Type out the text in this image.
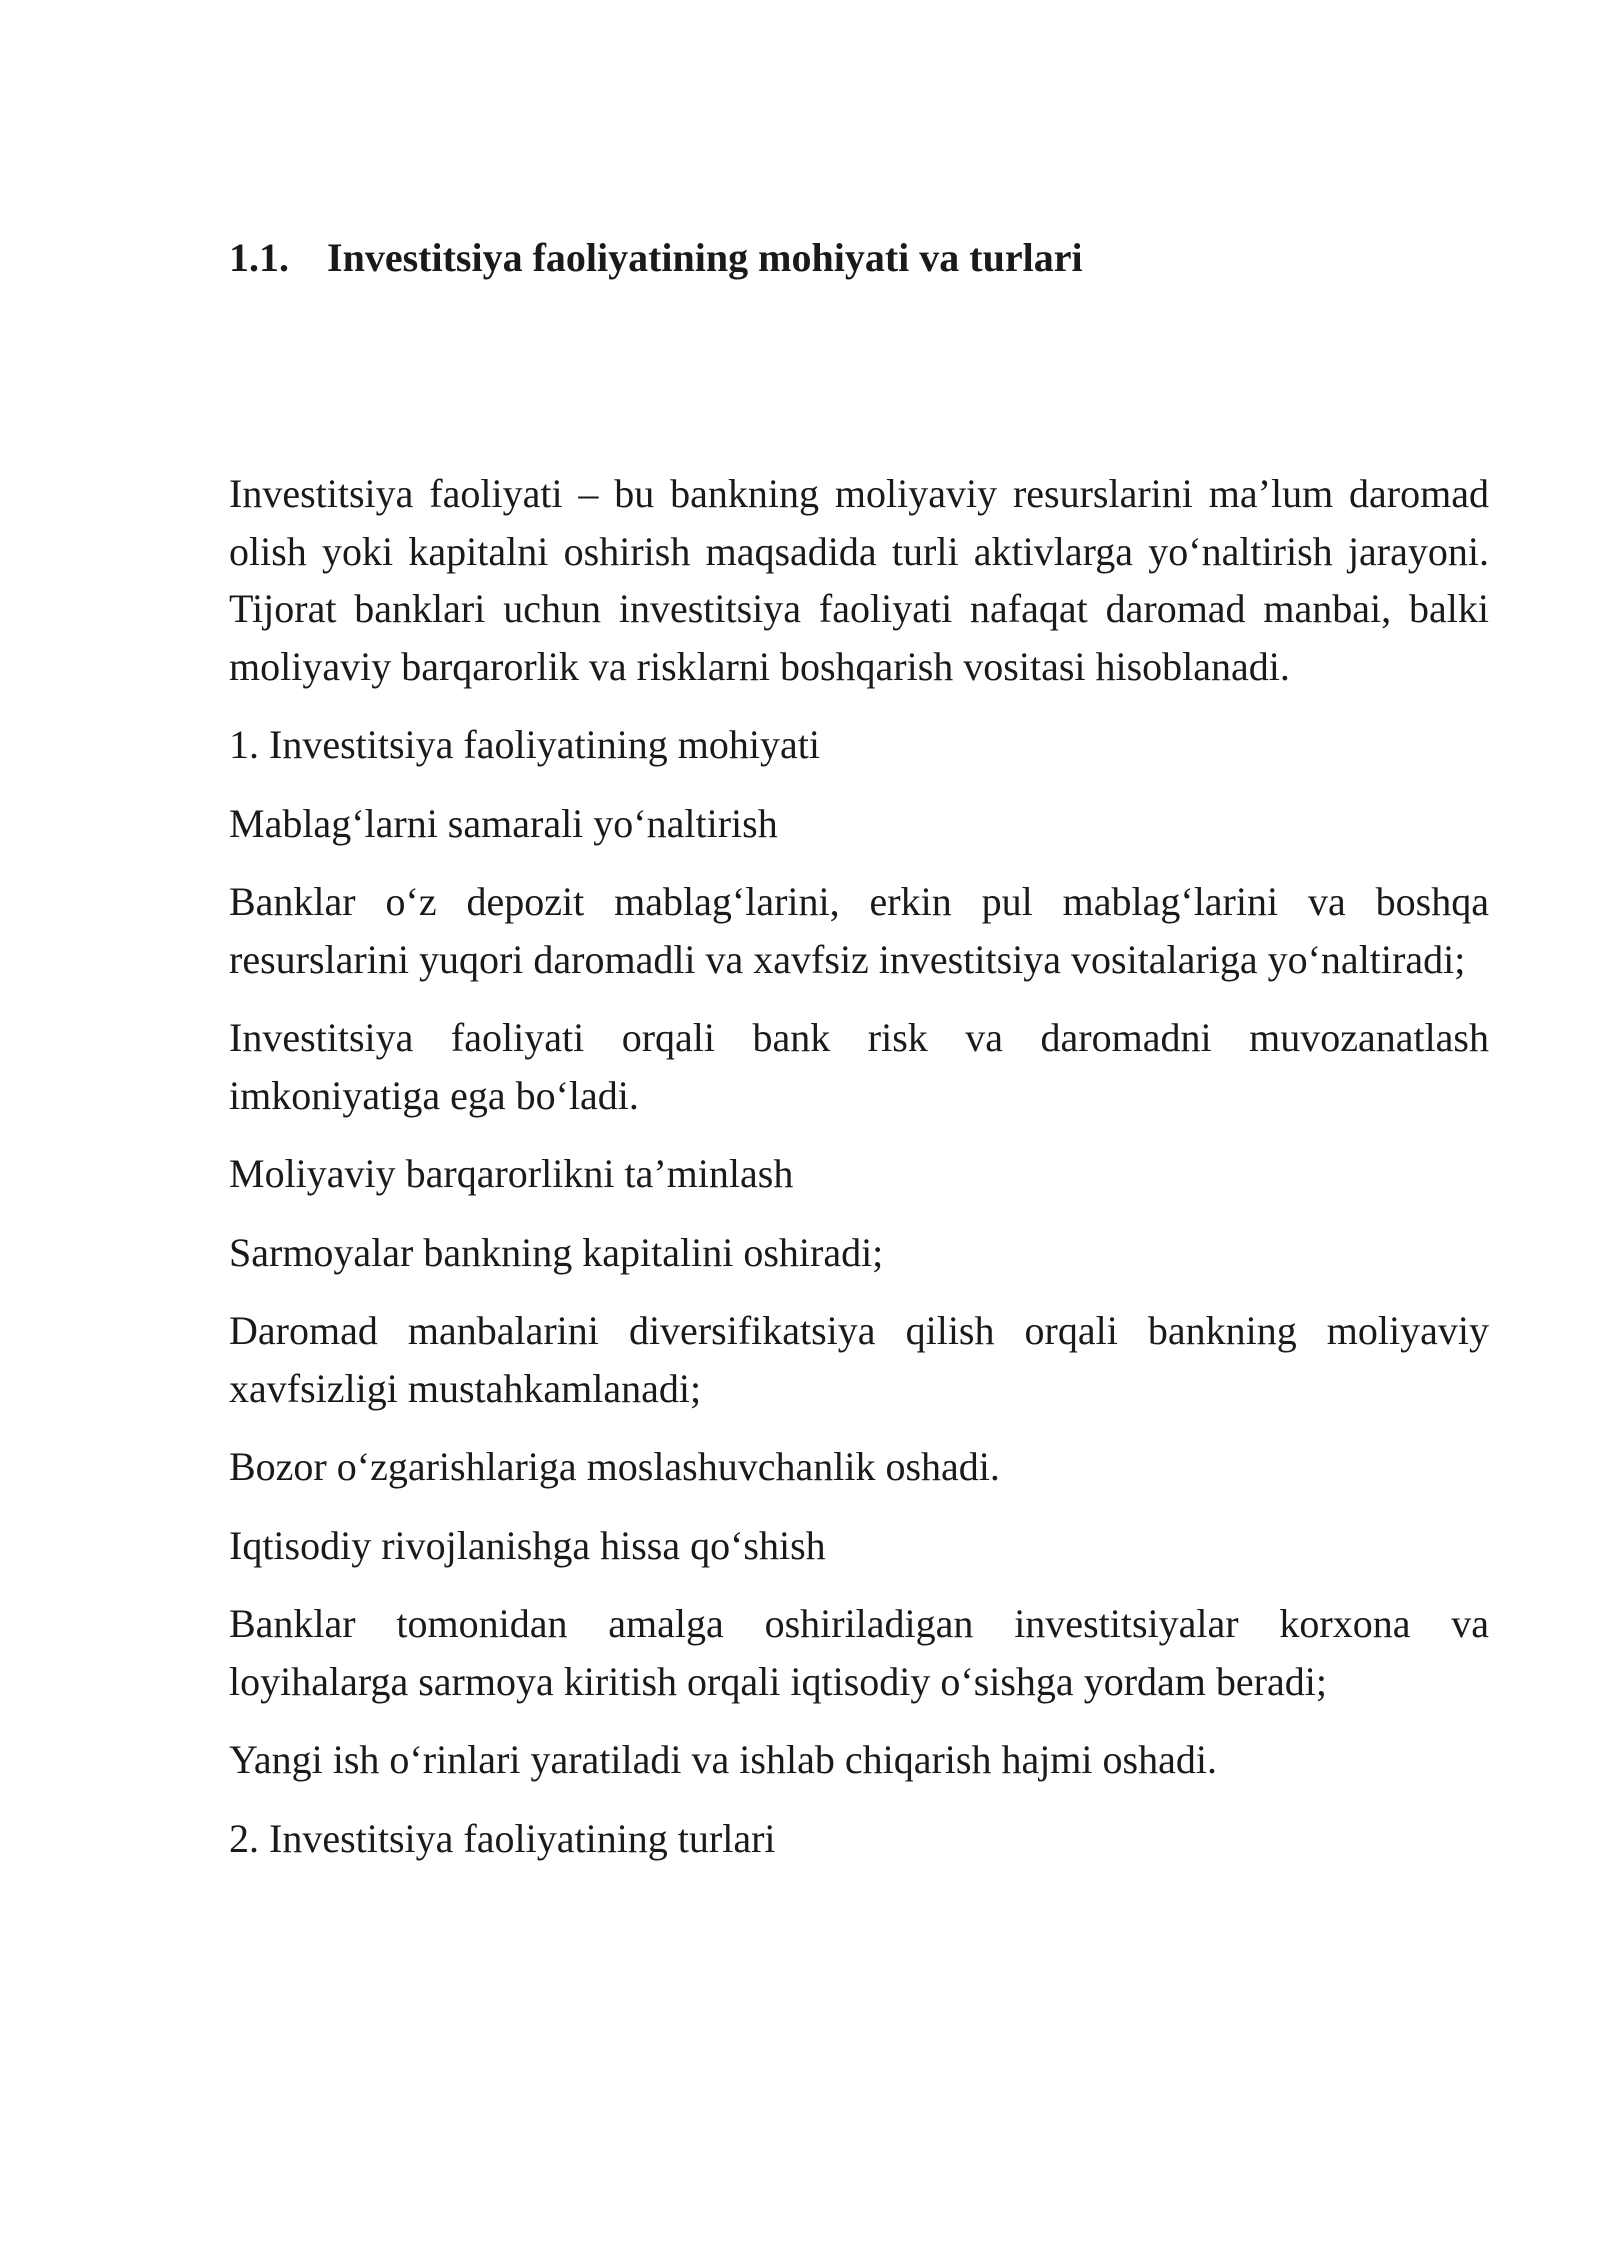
1.1. Investitsiya faoliyatining mohiyati va turlari

Investitsiya faoliyati – bu bankning moliyaviy resurslarini ma’lum daromad olish yoki kapitalni oshirish maqsadida turli aktivlarga yo‘naltirish jarayoni. Tijorat banklari uchun investitsiya faoliyati nafaqat daromad manbai, balki moliyaviy barqarorlik va risklarni boshqarish vositasi hisoblanadi.

1. Investitsiya faoliyatining mohiyati

Mablag‘larni samarali yo‘naltirish

Banklar o‘z depozit mablag‘larini, erkin pul mablag‘larini va boshqa resurslarini yuqori daromadli va xavfsiz investitsiya vositalariga yo‘naltiradi;

Investitsiya faoliyati orqali bank risk va daromadni muvozanatlash imkoniyatiga ega bo‘ladi.

Moliyaviy barqarorlikni ta’minlash

Sarmoyalar bankning kapitalini oshiradi;

Daromad manbalarini diversifikatsiya qilish orqali bankning moliyaviy xavfsizligi mustahkamlanadi;

Bozor o‘zgarishlariga moslashuvchanlik oshadi.

Iqtisodiy rivojlanishga hissa qo‘shish

Banklar tomonidan amalga oshiriladigan investitsiyalar korxona va loyihalarga sarmoya kiritish orqali iqtisodiy o‘sishga yordam beradi;

Yangi ish o‘rinlari yaratiladi va ishlab chiqarish hajmi oshadi.

2. Investitsiya faoliyatining turlari
